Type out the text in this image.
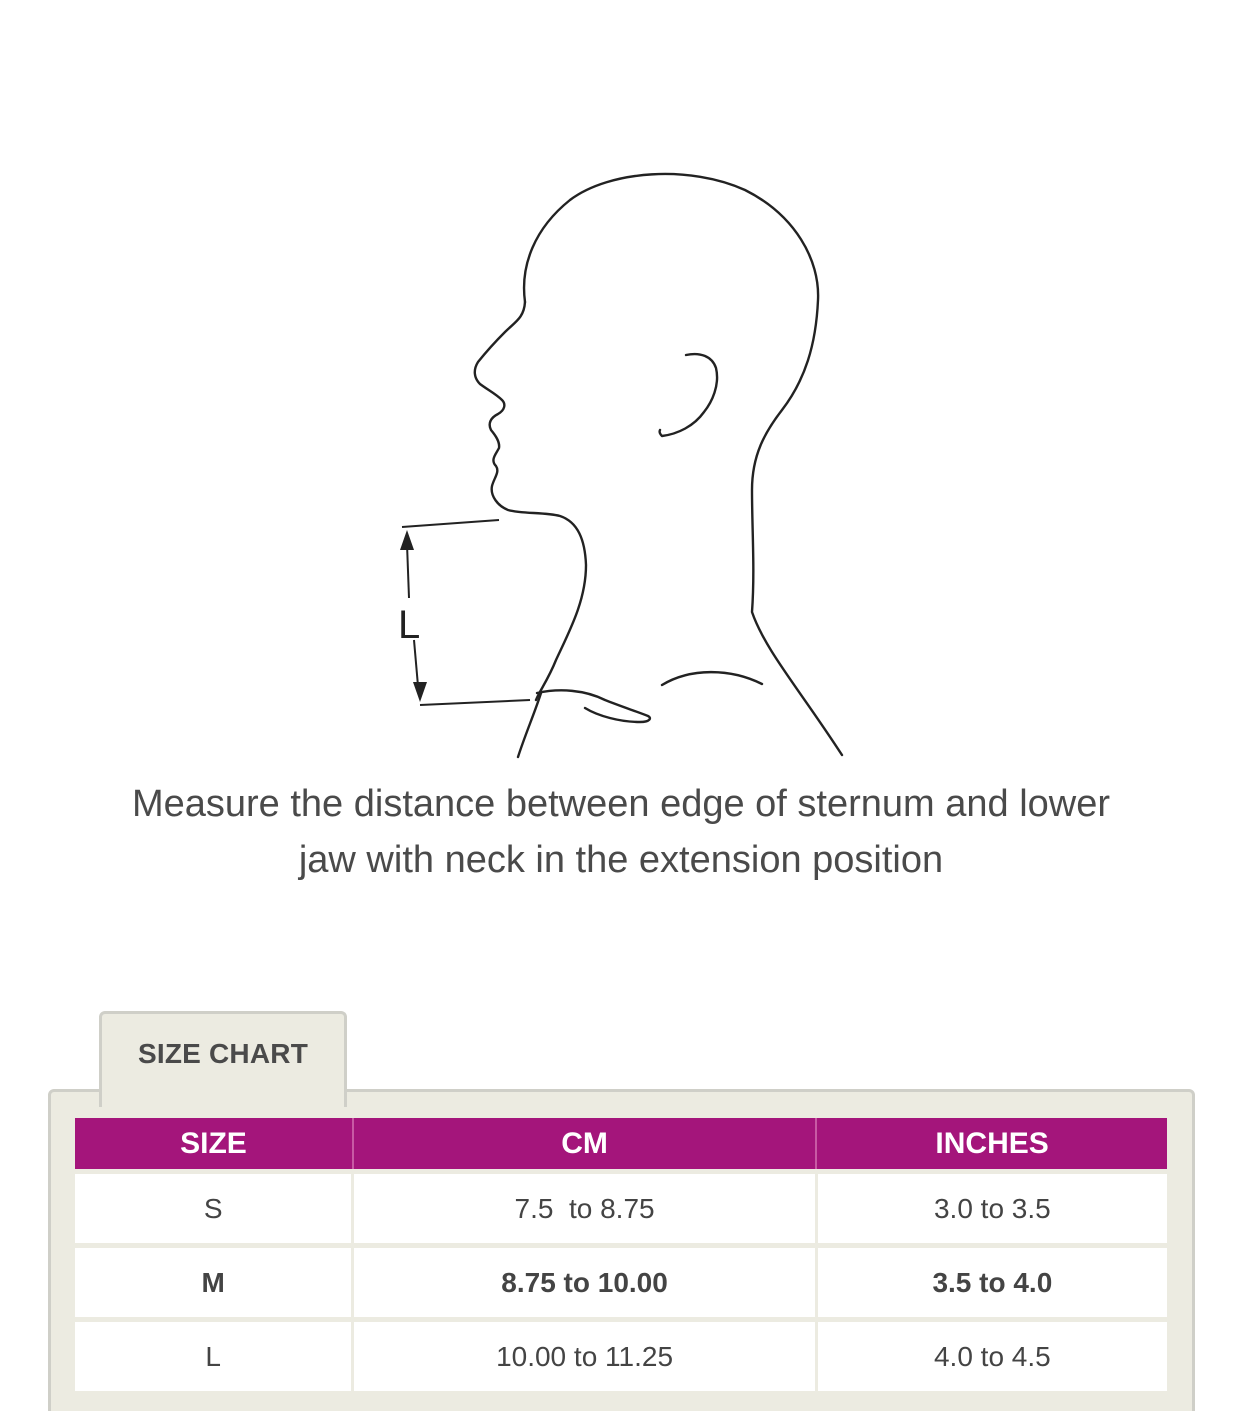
L
Measure the distance between edge of sternum and lower
jaw with neck in the extension position
SIZE CHART
SIZE	CM	INCHES
S	7.5  to 8.75	3.0 to 3.5
M	8.75 to 10.00	3.5 to 4.0
L	10.00 to 11.25	4.0 to 4.5
